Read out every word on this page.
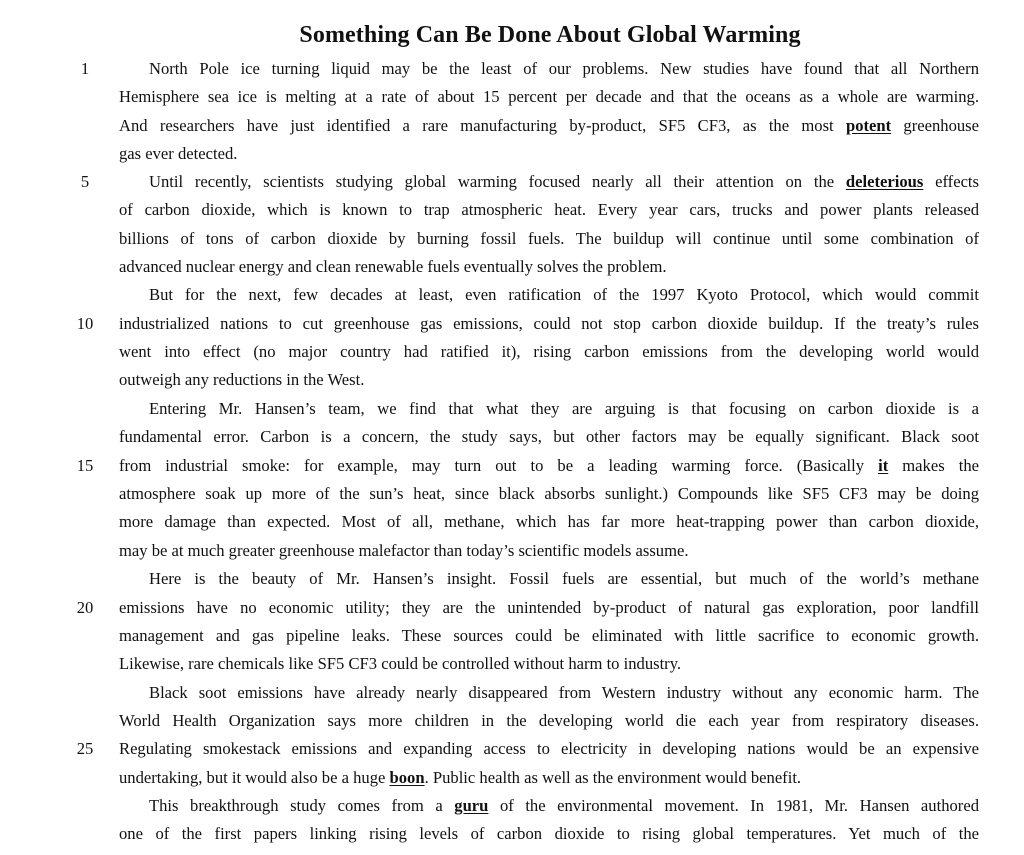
Something Can Be Done About Global Warming
1
5
10
15
20
25
North Pole ice turning liquid may be the least of our problems. New studies have found that all Northern
Hemisphere sea ice is melting at a rate of about 15 percent per decade and that the oceans as a whole are warming.
And researchers have just identified a rare manufacturing by-product, SF5 CF3, as the most potent greenhouse
gas ever detected.
Until recently, scientists studying global warming focused nearly all their attention on the deleterious effects
of carbon dioxide, which is known to trap atmospheric heat. Every year cars, trucks and power plants released
billions of tons of carbon dioxide by burning fossil fuels. The buildup will continue until some combination of
advanced nuclear energy and clean renewable fuels eventually solves the problem.
But for the next, few decades at least, even ratification of the 1997 Kyoto Protocol, which would commit
industrialized nations to cut greenhouse gas emissions, could not stop carbon dioxide buildup. If the treaty’s rules
went into effect (no major country had ratified it), rising carbon emissions from the developing world would
outweigh any reductions in the West.
Entering Mr. Hansen’s team, we find that what they are arguing is that focusing on carbon dioxide is a
fundamental error. Carbon is a concern, the study says, but other factors may be equally significant. Black soot
from industrial smoke: for example, may turn out to be a leading warming force. (Basically it makes the
atmosphere soak up more of the sun’s heat, since black absorbs sunlight.) Compounds like SF5 CF3 may be doing
more damage than expected. Most of all, methane, which has far more heat-trapping power than carbon dioxide,
may be at much greater greenhouse malefactor than today’s scientific models assume.
Here is the beauty of Mr. Hansen’s insight. Fossil fuels are essential, but much of the world’s methane
emissions have no economic utility; they are the unintended by-product of natural gas exploration, poor landfill
management and gas pipeline leaks. These sources could be eliminated with little sacrifice to economic growth.
Likewise, rare chemicals like SF5 CF3 could be controlled without harm to industry.
Black soot emissions have already nearly disappeared from Western industry without any economic harm. The
World Health Organization says more children in the developing world die each year from respiratory diseases.
Regulating smokestack emissions and expanding access to electricity in developing nations would be an expensive
undertaking, but it would also be a huge boon. Public health as well as the environment would benefit.
This breakthrough study comes from a guru of the environmental movement. In 1981, Mr. Hansen authored
one of the first papers linking rising levels of carbon dioxide to rising global temperatures. Yet much of the
